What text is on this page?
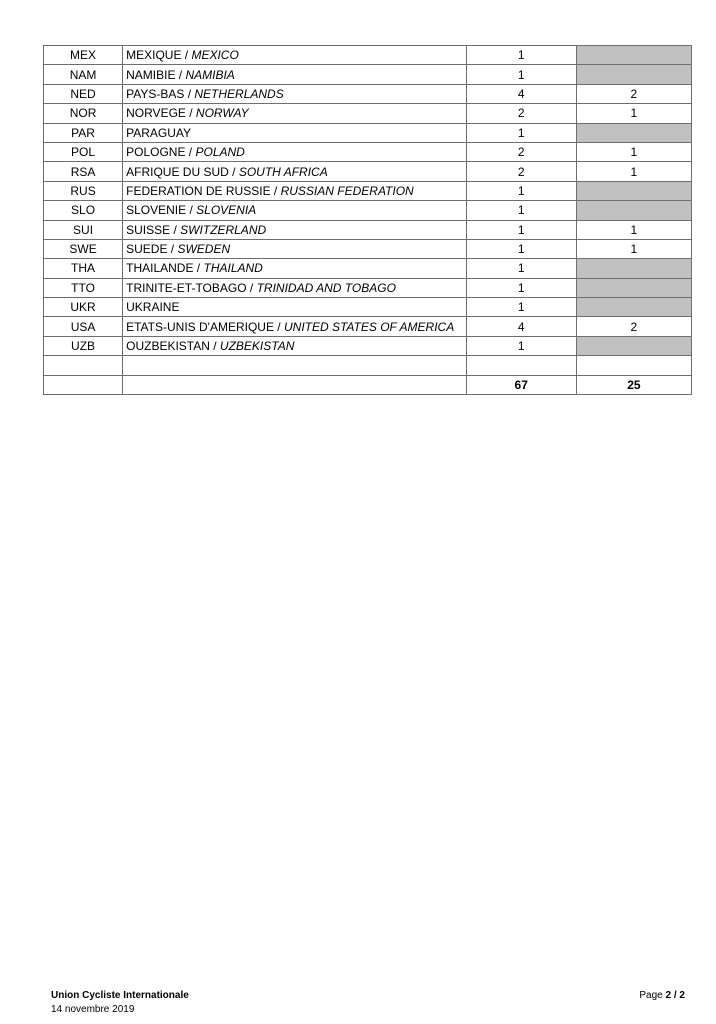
MEX	MEXIQUE / MEXICO	1	
NAM	NAMIBIE / NAMIBIA	1	
NED	PAYS-BAS / NETHERLANDS	4	2
NOR	NORVEGE / NORWAY	2	1
PAR	PARAGUAY	1	
POL	POLOGNE / POLAND	2	1
RSA	AFRIQUE DU SUD / SOUTH AFRICA	2	1
RUS	FEDERATION DE RUSSIE / RUSSIAN FEDERATION	1	
SLO	SLOVENIE / SLOVENIA	1	
SUI	SUISSE / SWITZERLAND	1	1
SWE	SUEDE / SWEDEN	1	1
THA	THAILANDE / THAILAND	1	
TTO	TRINITE-ET-TOBAGO / TRINIDAD AND TOBAGO	1	
UKR	UKRAINE	1	
USA	ETATS-UNIS D'AMERIQUE / UNITED STATES OF AMERICA	4	2
UZB	OUZBEKISTAN / UZBEKISTAN	1	

		67	25
Union Cycliste Internationale
14 novembre 2019
Page 2 / 2
